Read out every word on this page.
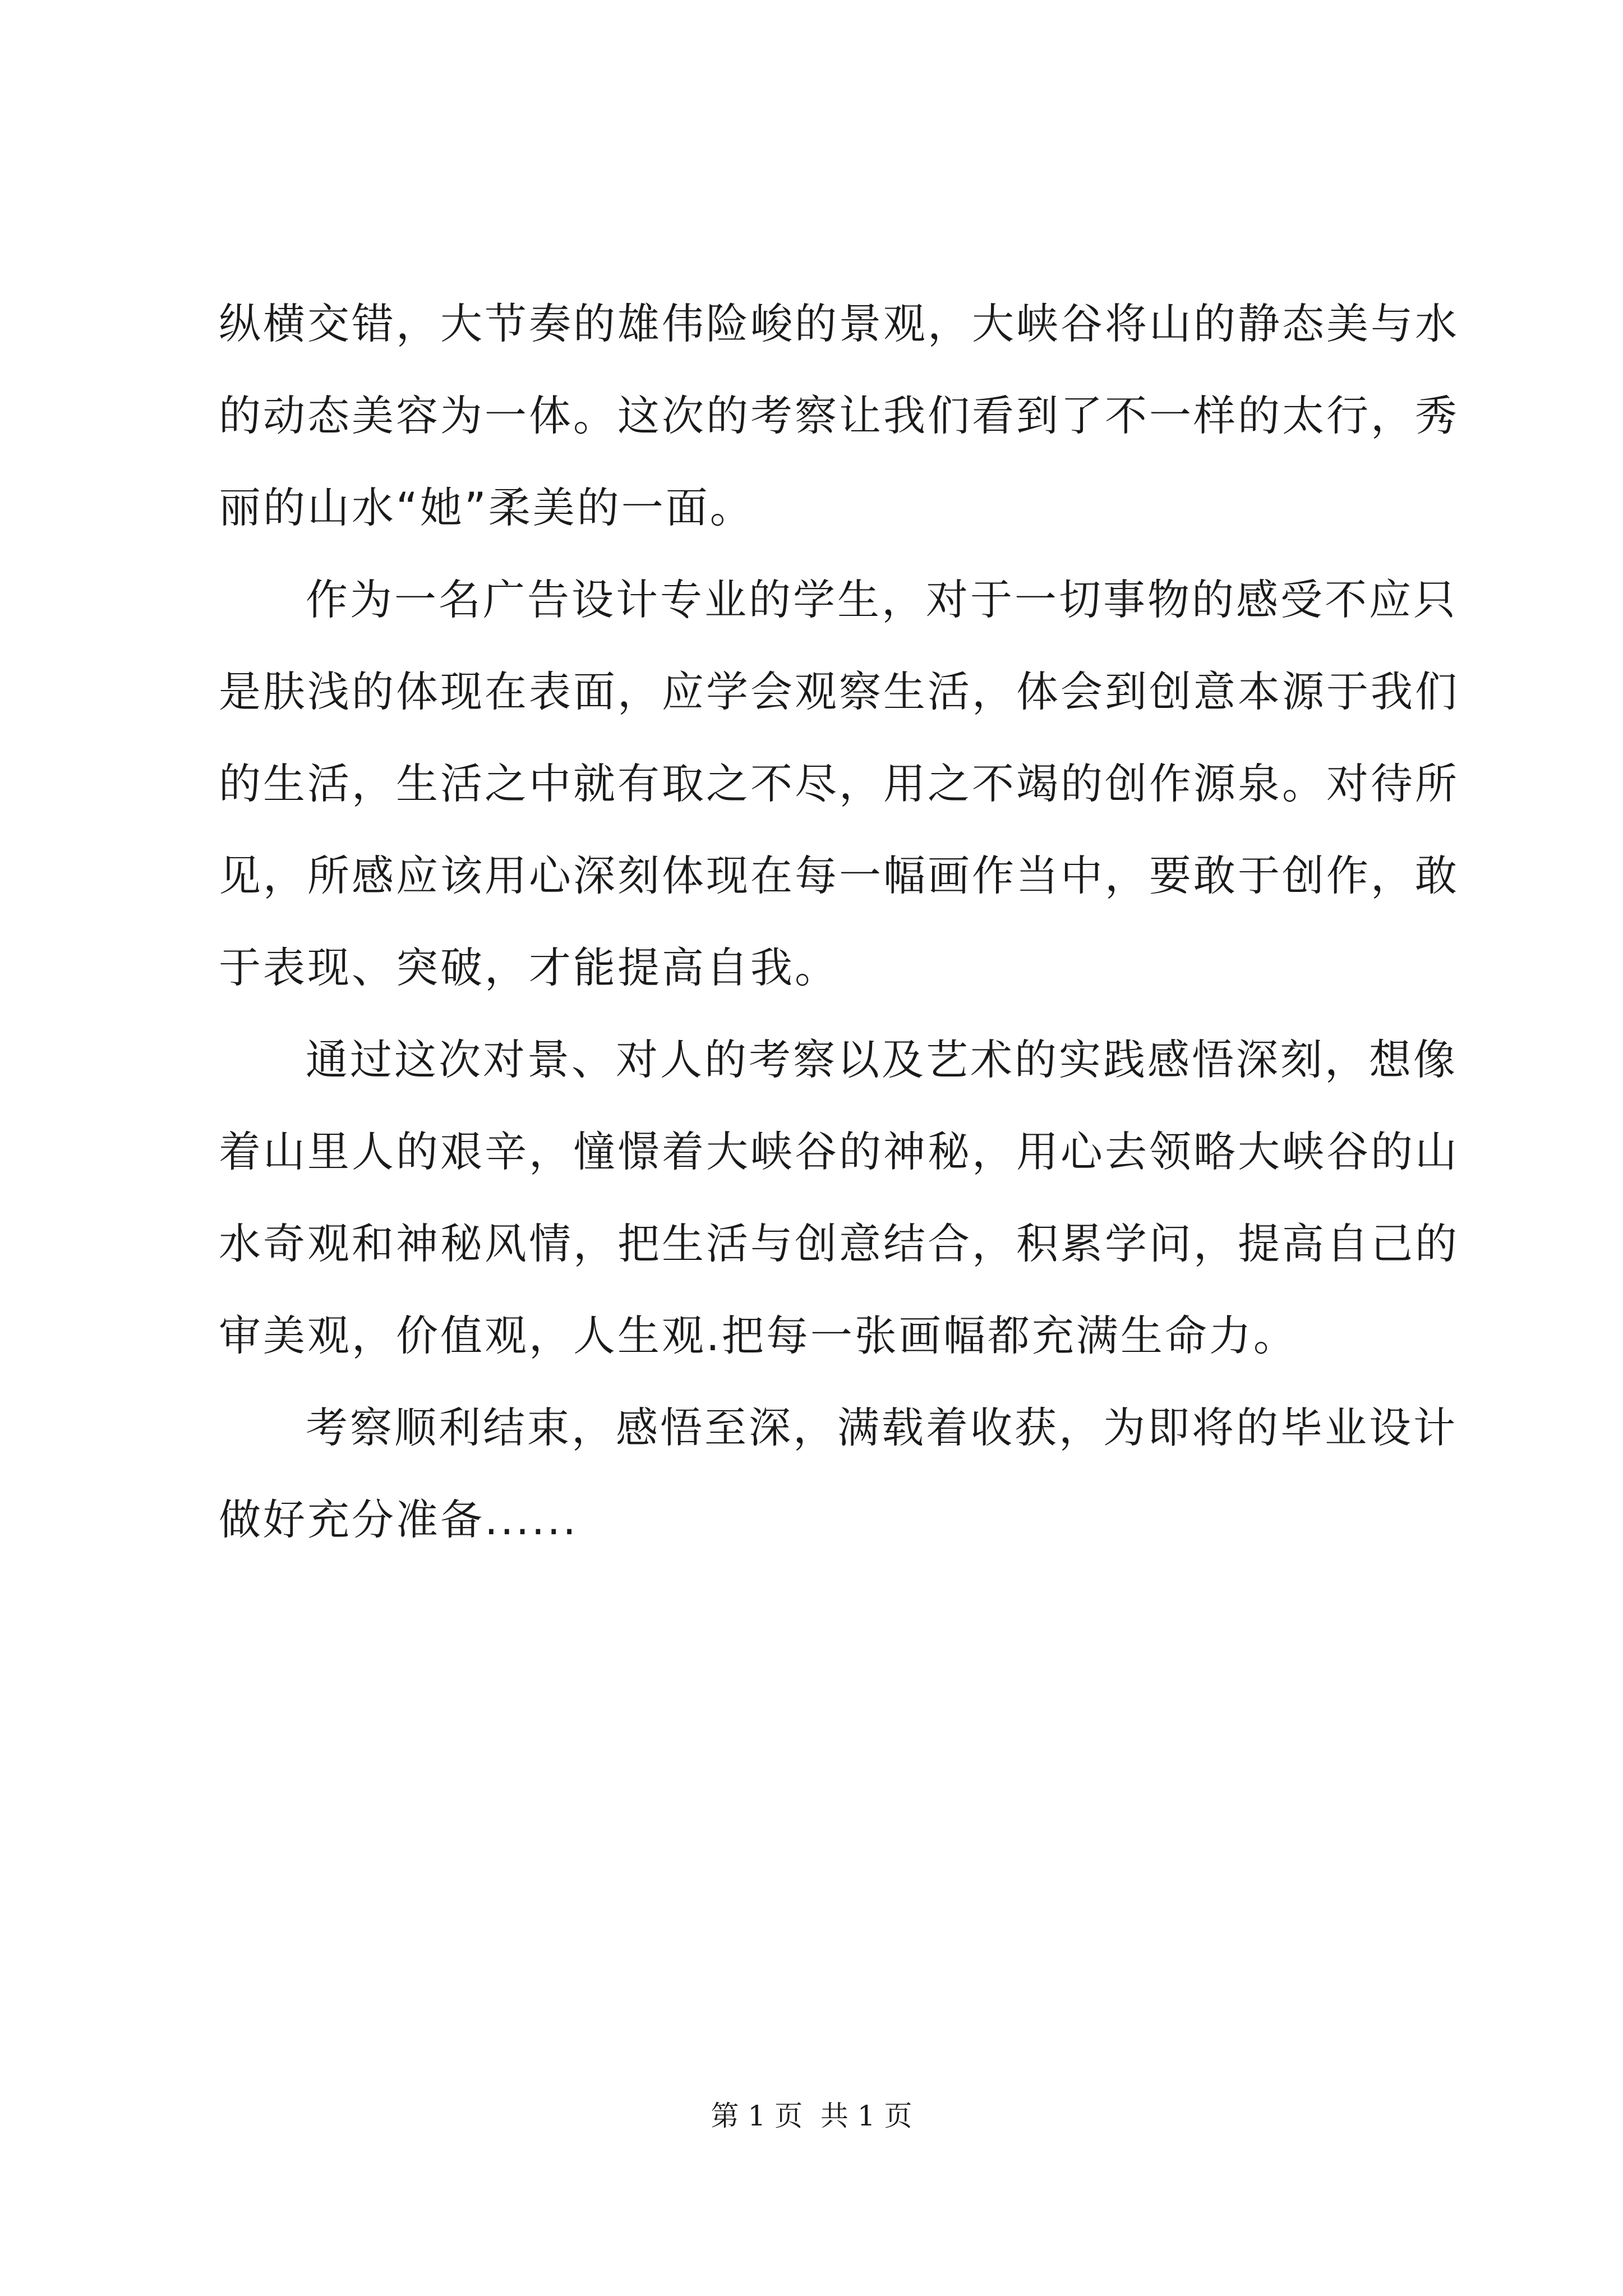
纵横交错，大节奏的雄伟险峻的景观，大峡谷将山的静态美与水
的动态美容为一体。这次的考察让我们看到了不一样的太行，秀
丽的山水“她”柔美的一面。
作为一名广告设计专业的学生，对于一切事物的感受不应只
是肤浅的体现在表面，应学会观察生活，体会到创意本源于我们
的生活，生活之中就有取之不尽，用之不竭的创作源泉。对待所
见，所感应该用心深刻体现在每一幅画作当中，要敢于创作，敢
于表现、突破，才能提高自我。
通过这次对景、对人的考察以及艺术的实践感悟深刻，想像
着山里人的艰辛，憧憬着大峡谷的神秘，用心去领略大峡谷的山
水奇观和神秘风情，把生活与创意结合，积累学问，提高自己的
审美观，价值观，人生观.把每一张画幅都充满生命力。
考察顺利结束，感悟至深，满载着收获，为即将的毕业设计
做好充分准备......
第 1 页  共 1 页
